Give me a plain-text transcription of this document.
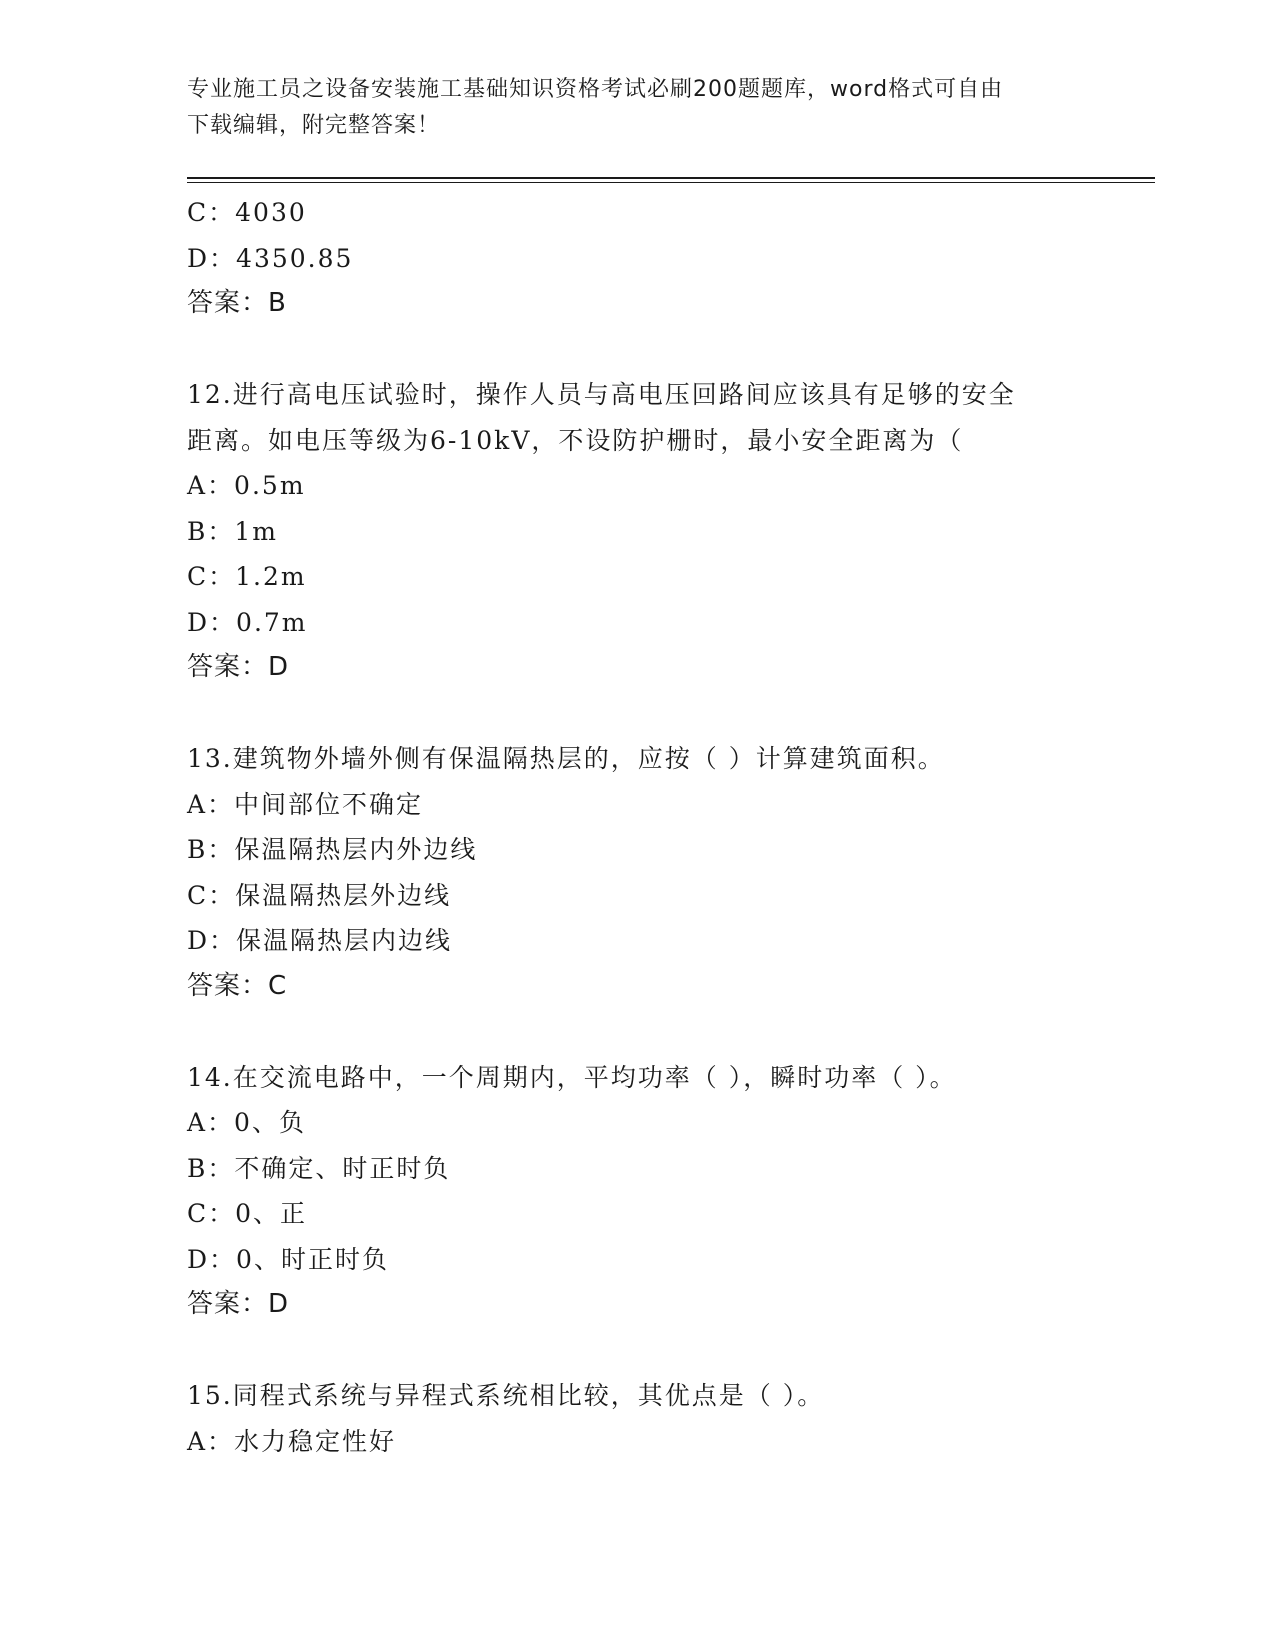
专业施工员之设备安装施工基础知识资格考试必刷200题题库，word格式可自由
下载编辑，附完整答案！
C：4030
D：4350.85
答案：B
12.进行高电压试验时，操作人员与高电压回路间应该具有足够的安全
距离。如电压等级为6-10kV，不设防护栅时，最小安全距离为（
A：0.5m
B：1m
C：1.2m
D：0.7m
答案：D
13.建筑物外墙外侧有保温隔热层的，应按（ ）计算建筑面积。
A：中间部位不确定
B：保温隔热层内外边线
C：保温隔热层外边线
D：保温隔热层内边线
答案：C
14.在交流电路中，一个周期内，平均功率（ ），瞬时功率（ ）。
A：0、负
B：不确定、时正时负
C：0、正
D：0、时正时负
答案：D
15.同程式系统与异程式系统相比较，其优点是（ ）。
A：水力稳定性好
